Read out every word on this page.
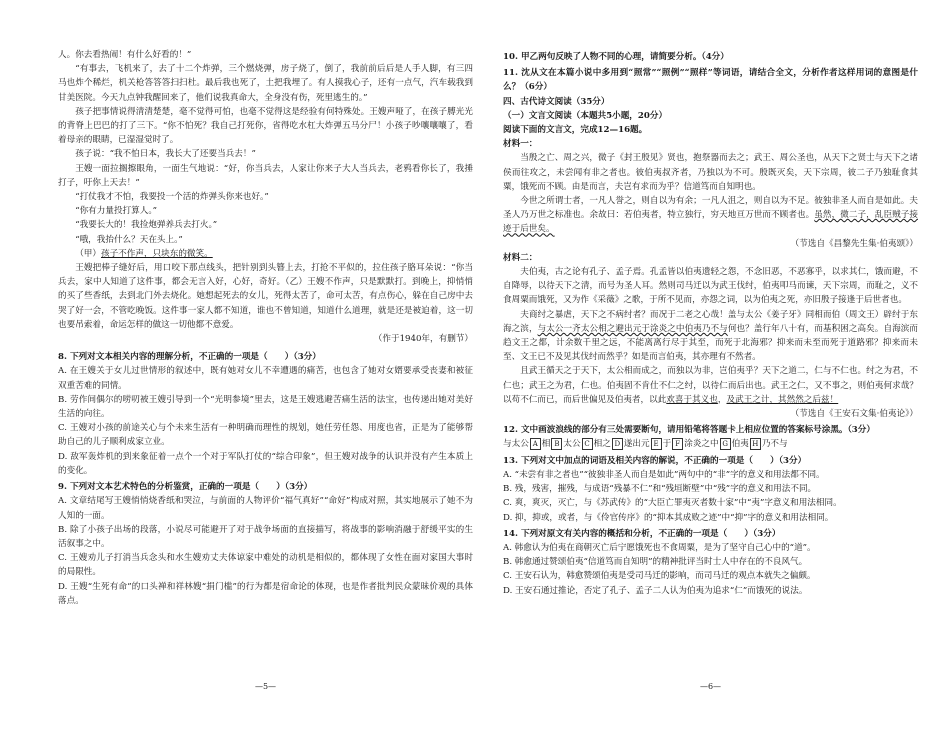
人。你去看热闹！有什么好看的！”

“有事去，飞机来了，去了十二个炸弹，三个燃烧弹，房子烧了，倒了，我前前后后是人手人脚，有三四马也炸个稀烂，机关枪答答答扫扫杜。最后我也死了，土把我埋了。有人摸我心子，还有一点气，汽车载我到甘美医院。今天九点钟我醒回来了，他们说我真命大，全身没有伤，死里逃生的。”

孩子把事情说得清清楚楚，毫不觉得可怕，也毫不觉得这是经验有何特殊处。王嫂声哑了，在孩子膊光光的背脊上巴巴的打了三下。“你不怕死？我自己打死你，省得吃水杠大炸弹五马分尸！小孩子吵嚷嚷嚷了，看着母亲的眼睛，已湿湿觉时了。

孩子说：“我不怕日本，我长大了还要当兵去！”

王嫂一面拉搁擦眼角，一面生气地说：“好，你当兵去，人家让你来子大人当兵去，老鸦看你长了，我捶打子，吁你上天去！”

“打仗我才不怕，我要投一个活的炸弹头你来也好。”

“你有力量投打算人。”

“我要长大的！我捡炮弹养兵去打火。”

“哦，我抬什么？天在头上。”

（甲）孩子不作声，只块东的微笑。

王嫂把棒子缝好后，用口咬下那点线头，把针别到头簪上去，打抢不平似的，拉住孩子胳耳朵说：“你当兵去，家中人知道了这件事，都会无言入好，心好，奇好。（乙）王嫂不作声，只是默默打。到晚上，抑悄悄的买了些香纸，去到北门外去烧化。她想起死去的女儿，死得太苦了，命可太苦，有点伤心，躲在自己房中去哭了好一会，不管吃晚饭。这件事一家人都不知道，谁也不曾知道，知道什么道理，就是还是被迫着，这一切也要吊索着，命运怎样的做这一切他都不意爱。

（作于1940年，有删节）

8. 下列对文本相关内容的理解分析，不正确的一项是（　　）（3分）

A. 在王嫂关于女儿过世情形的叙述中，既有她对女儿不幸遭遇的痛苦，也包含了她对女婿要承受丧妻和被征双重苦难的同情。

B. 劳作间偶尔的唠叨被王嫂引导到一个“光明参境”里去，这是王嫂逃避苦痛生活的法宝，也传递出她对美好生活的向往。

C. 王嫂对小孩的前途关心与个未来生活有一种明确而理性的规划，她任劳任怨、用度也省，正是为了能够帮助自己的儿子顺利成家立业。

D. 敌军轰炸机的到来象征着一点个一个对于军队打仗的“综合印象”，但王嫂对战争的认识并没有产生本质上的变化。

9. 下列对文本艺术特色的分析鉴赏，正确的一项是（　　）（3分）

A. 文章结尾写王嫂悄悄烧香纸和哭泣，与前面的人物评价“福气真好”“命好”构成对照，其实地展示了她不为人知的一面。

B. 除了小孩子出场的段落，小说尽可能避开了对于战争场面的直接描写，将战事的影响消融于舒缓平实的生活叙事之中。

C. 王嫂劝儿子打消当兵念头和水生嫂劝丈夫体谅家中难处的动机是相似的，都体现了女性在面对家国大事时的局限性。

D. 王嫂“生死有命”的口头禅和祥林嫂“捐门槛”的行为都是宿命论的体现，也是作者批判民众蒙昧价观的具体落点。

—5—

10. 甲乙两句反映了人物不同的心理，请简要分析。（4分）

11. 沈从文在本篇小说中多用到“照常”“照例”“照样”等词语，请结合全文，分析作者这样用词的意图是什么？（6分）

四、古代诗文阅读（35分）

（一）文言文阅读（本题共5小题，20分）

阅读下面的文言文，完成12—16题。

材料一：

当殷之亡、周之兴，微子《封王殷见》贤也，抱祭器而去之；武王、周公圣也，从天下之贤士与天下之诸侯而往攻之，未尝闻有非之者也。彼伯夷叔齐者，乃独以为不可。殷既灭矣，天下宗周，彼二子乃独耻食其粟，饿死而不顾。由是而言，夫岂有求而为乎？信道笃而自知明也。

今世之所谓士者，一凡人誉之，则自以为有余；一凡人沮之，则自以为不足。彼独非圣人而自是如此。夫圣人乃万世之标准也。余故曰：若伯夷者，特立独行，穷天地亘万世而不顾者也。虽然，微二子，乱臣贼子接迹于后世矣。

（节选自《昌黎先生集·伯夷颂》）

材料二：

夫伯夷，古之论有孔子、孟子焉。孔孟皆以伯夷遗轻之怨，不念旧恶，不恶寡乎，以求其仁，饿而避，不自降辱，以待天下之清，而号为圣人耳。然则司马迁以为武王伐纣，伯夷叩马而谏，天下宗周，而耻之，义不食周粟而饿死，又为作《采薇》之歌，于所不见而，亦怨之词，以为伯夷之死，亦旧殷子接逢于后世者也。

夫商纣之暴虐，天下之不病纣者？而况于二老之心哉！盖与太公《姜子牙》同相而伯（周文王）辟纣于东海之滨，与太公一齐太公相之避出元于涂炎之中伯夷乃不与何也？盖行年八十有，而基积困之高矣。自海滨而趋文王之都，计余数千里之远，不能离离行尽于其至，而死于北海邪？抑来而未至而死于道路邪？抑来而未至、文王已不及见其伐纣而然乎？如是而言伯夷，其亦理有不然者。

且武王循天之于天下，太公相而成之，而独以为非，岂伯夷乎？天下之道二，仁与不仁也。纣之为君，不仁也；武王之为君，仁也。伯夷固不肯仕不仁之纣，以待仁而后出也。武王之仁，又不事之，则伯夷何求哉？以苟不仁而已，而后世偏见及伯夷者，以此欢喜于其义也，及武王之计，其然然之后兹！

（节选自《王安石文集·伯夷论》）

12. 文中画波浪线的部分有三处需要断句，请用铅笔将答题卡上相应位置的答案标号涂黑。（3分）

与太公 A 相 B 太公 C 相之 D 遂出元 E 于 F 涂炎之中 G 伯夷 H 乃不与

13. 下列对文中加点的词语及相关内容的解说，不正确的一项是（　　）（3分）

A. “未尝有非之者也”“彼独非圣人而自是如此”两句中的“非”字的意义和用法都不同。

B. 残，残害，摧残，与成语“残暴不仁”和“残垣断壁”中“残”字的意义和用法不同。

C. 爽，爽灭，灭亡，与《苏武传》的“大臣亡罪夷灭者数十家”中“夷”字意义和用法相同。

D. 抑，抑或，或者，与《伶官传序》的“抑本其成败之迹”中“抑”字的意义和用法相同。

14. 下列对原文有关内容的概括和分析，不正确的一项是（　　）（3分）

A. 韩愈认为伯夷在商朝灭亡后宁愿饿死也不食周粟，是为了坚守自己心中的“道”。

B. 韩愈通过赞颂伯夷“信道笃而自知明”的精神批评当时士人中存在的不良风气。

C. 王安石认为，韩愈赞颂伯夷是受司马迁的影响，而司马迁的观点本就失之偏颇。

D. 王安石通过推论，否定了孔子、孟子二人认为伯夷为追求“仁”而饿死的说法。

—6—
